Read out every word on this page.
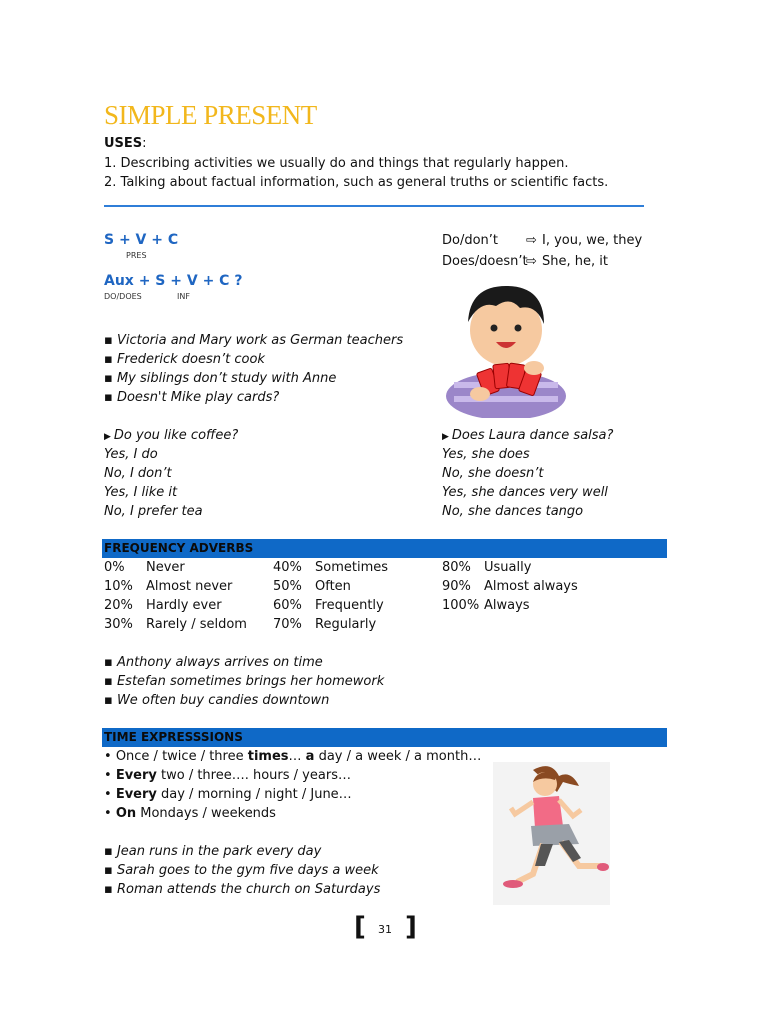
SIMPLE PRESENT
USES:
1. Describing activities we usually do and things that regularly happen.
2. Talking about factual information, such as general truths or scientific facts.
S + V + C
PRES
Aux + S + V + C ?
DO/DOES	INF
Do/don’t ⇨ I, you, we, they
Does/doesn’t
⇨ She, he, it
▪ Victoria and Mary work as German teachers
▪ Frederick doesn’t cook
▪ My siblings don’t study with Anne
▪ Doesn't Mike play cards?
▶ Do you like coffee?
Yes, I do
No, I don’t
Yes, I like it
No, I prefer tea
▶ Does Laura dance salsa?
Yes, she does
No, she doesn’t
Yes, she dances very well
No, she dances tango
FREQUENCY ADVERBS
0% Never
10% Almost never
20% Hardly ever
30% Rarely / seldom
40% Sometimes
50% Often
60% Frequently
70% Regularly
80% Usually
90% Almost always
100% Always
▪ Anthony always arrives on time
▪ Estefan sometimes brings her homework
▪ We often buy candies downtown
TIME EXPRESSSIONS
• Once / twice / three times… a day / a week / a month…
• Every two / three…. hours / years…
• Every day / morning / night / June…
• On Mondays / weekends
▪ Jean runs in the park every day
▪ Sarah goes to the gym five days a week
▪ Roman attends the church on Saturdays
[ 31 ]
